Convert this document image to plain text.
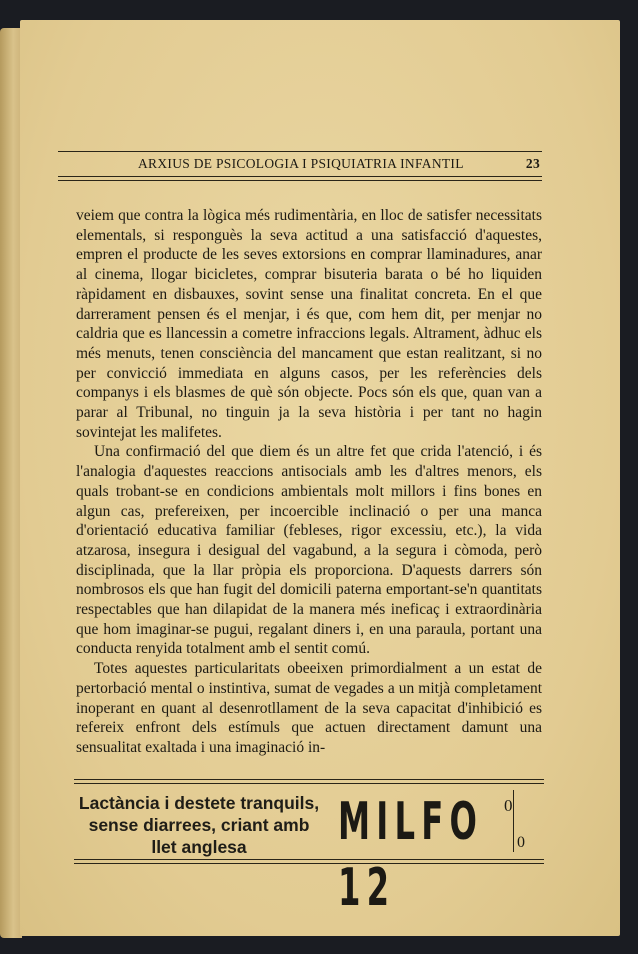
ARXIUS DE PSICOLOGIA I PSIQUIATRIA INFANTIL	23

veiem que contra la lògica més rudimentària, en lloc de satisfer necessitats elementals, si responguès la seva actitud a una satisfacció d'aquestes, empren el producte de les seves extorsions en comprar llaminadures, anar al cinema, llogar bicicletes, comprar bisuteria barata o bé ho liquiden ràpidament en disbauxes, sovint sense una finalitat concreta. En el que darrerament pensen és el menjar, i és que, com hem dit, per menjar no caldria que es llancessin a cometre infraccions legals. Altrament, àdhuc els més menuts, tenen consciència del mancament que estan realitzant, si no per convicció immediata en alguns casos, per les referències dels companys i els blasmes de què són objecte. Pocs són els que, quan van a parar al Tribunal, no tinguin ja la seva història i per tant no hagin sovintejat les malifetes.

Una confirmació del que diem és un altre fet que crida l'atenció, i és l'analogia d'aquestes reaccions antisocials amb les d'altres menors, els quals trobant-se en condicions ambientals molt millors i fins bones en algun cas, prefereixen, per incoercible inclinació o per una manca d'orientació educativa familiar (febleses, rigor excessiu, etc.), la vida atzarosa, insegura i desigual del vagabund, a la segura i còmoda, però disciplinada, que la llar pròpia els proporciona. D'aquests darrers són nombrosos els que han fugit del domicili paterna emportant-se'n quantitats respectables que han dilapidat de la manera més ineficaç i extraordinària que hom imaginar-se pugui, regalant diners i, en una paraula, portant una conducta renyida totalment amb el sentit comú.

Totes aquestes particularitats obeeixen primordialment a un estat de pertorbació mental o instintiva, sumat de vegades a un mitjà completament inoperant en quant al desenrotllament de la seva capacitat d'inhibició es refereix enfront dels estímuls que actuen directament damunt una sensualitat exaltada i una imaginació in-

Lactància i destete tranquils,
sense diarrees, criant amb
llet anglesa	MILFO 12
0
0
